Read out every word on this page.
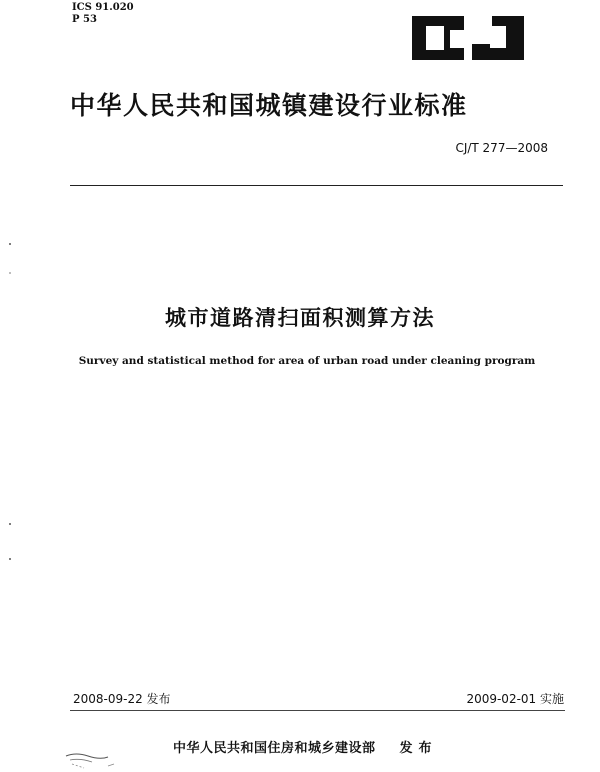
ICS 91.020
P 53
中华人民共和国城镇建设行业标准
CJ/T 277—2008
城市道路清扫面积测算方法
Survey and statistical method for area of urban road under cleaning program
2008-09-22 发布	2009-02-01 实施
中华人民共和国住房和城乡建设部 发布
